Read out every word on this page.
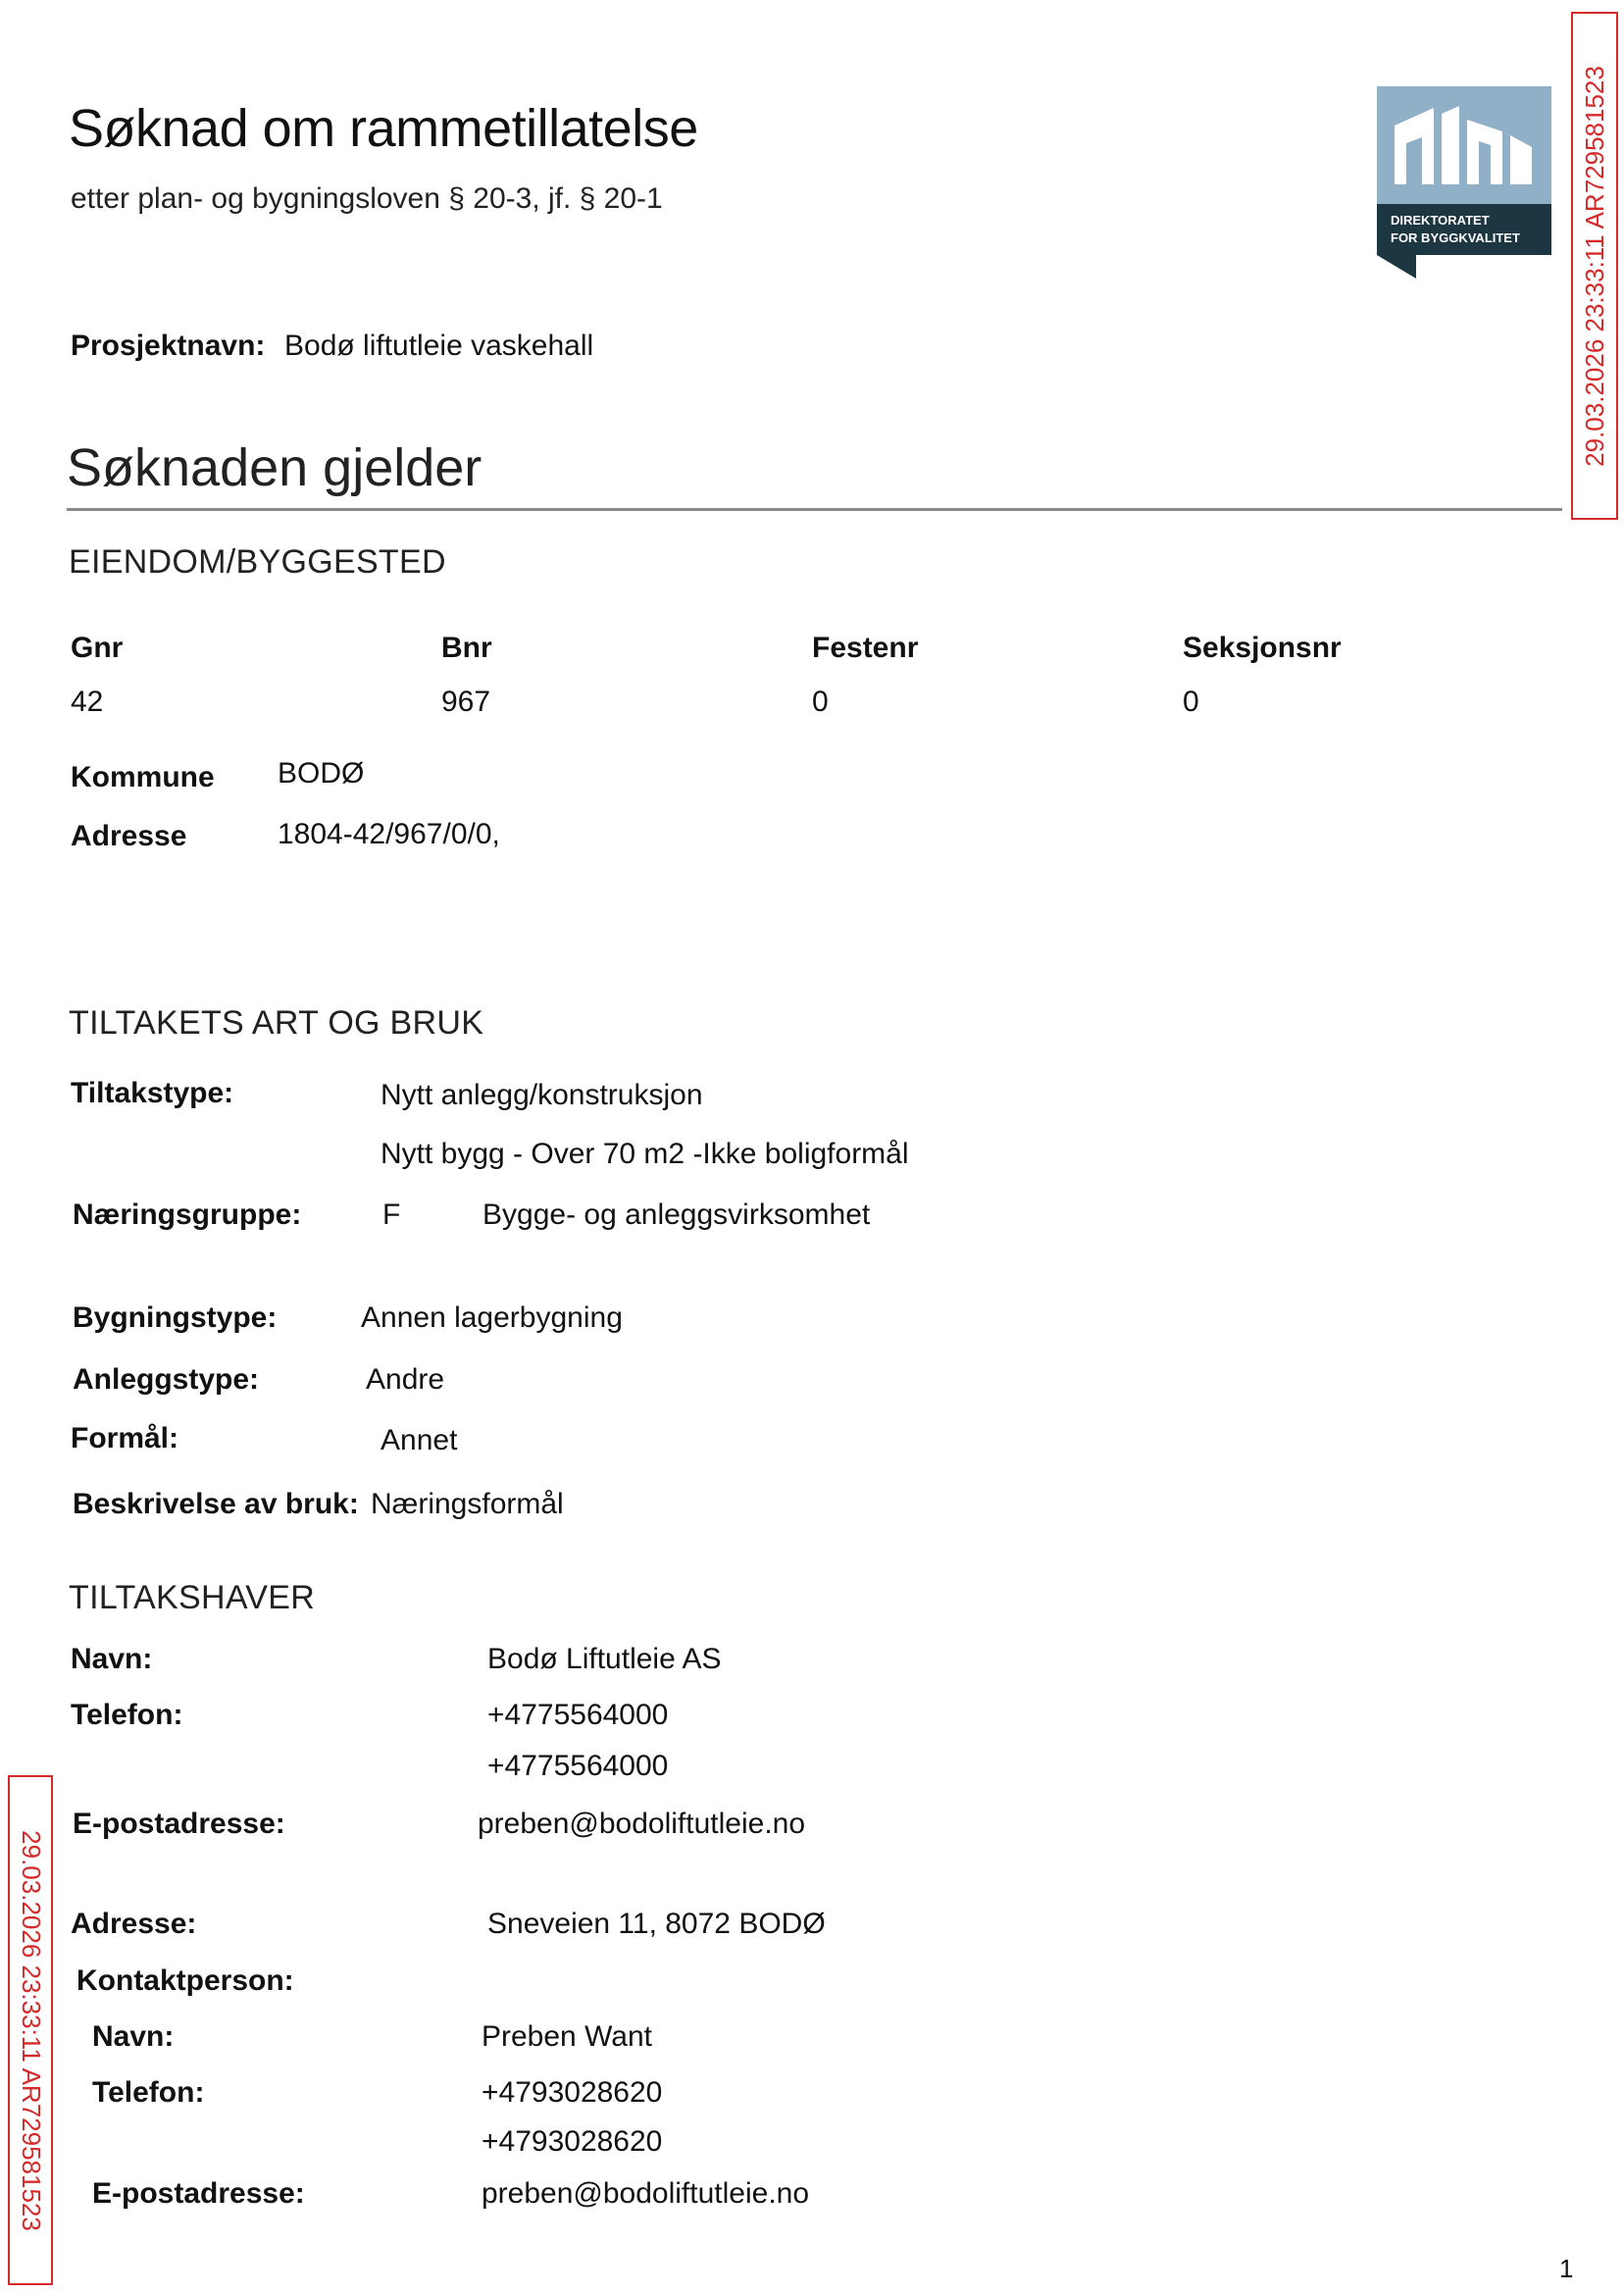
Søknad om rammetillatelse
etter plan- og bygningsloven § 20-3, jf. § 20-1
DIREKTORATET
FOR BYGGKVALITET 29.03.2026 23:33:11 AR729581523
29.03.2026 23:33:11 AR729581523
Prosjektnavn: Bodø liftutleie vaskehall
Søknaden gjelder
EIENDOM/BYGGESTED
Gnr	Bnr	Festenr	Seksjonsnr
42	967	0	0
Kommune BODØ
Adresse	1804-42/967/0/0,
TILTAKETS ART OG BRUK
Tiltakstype:	Nytt anlegg/konstruksjon
Nytt bygg - Over 70 m2 -Ikke boligformål
Næringsgruppe:	F	Bygge- og anleggsvirksomhet
Bygningstype:	Annen lagerbygning
Anleggstype:	Andre
Formål:	Annet
Beskrivelse av bruk: Næringsformål
TILTAKSHAVER
Navn:	Bodø Liftutleie AS
Telefon:	+4775564000
+4775564000
E-postadresse:	preben@bodoliftutleie.no
Adresse:	Sneveien 11, 8072 BODØ
Kontaktperson:
Navn:	Preben Want
Telefon:	+4793028620
+4793028620
E-postadresse:	preben@bodoliftutleie.no
1
